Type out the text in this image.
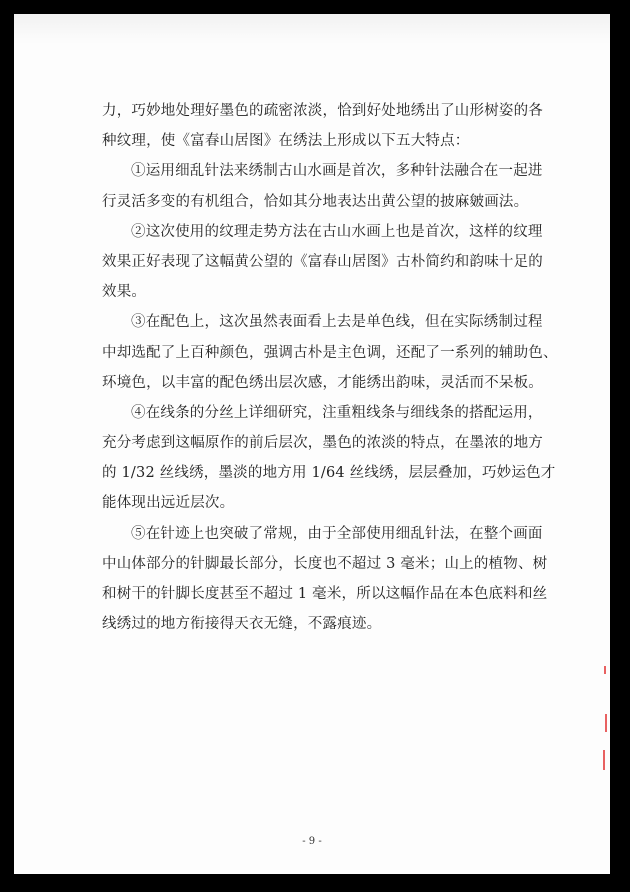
力，巧妙地处理好墨色的疏密浓淡，恰到好处地绣出了山形树姿的各
种纹理，使《富春山居图》在绣法上形成以下五大特点：
①运用细乱针法来绣制古山水画是首次，多种针法融合在一起进
行灵活多变的有机组合，恰如其分地表达出黄公望的披麻皴画法。
②这次使用的纹理走势方法在古山水画上也是首次，这样的纹理
效果正好表现了这幅黄公望的《富春山居图》古朴简约和韵味十足的
效果。
③在配色上，这次虽然表面看上去是单色线，但在实际绣制过程
中却选配了上百种颜色，强调古朴是主色调，还配了一系列的辅助色、
环境色，以丰富的配色绣出层次感，才能绣出韵味，灵活而不呆板。
④在线条的分丝上详细研究，注重粗线条与细线条的搭配运用，
充分考虑到这幅原作的前后层次，墨色的浓淡的特点，在墨浓的地方
的 1/32 丝线绣，墨淡的地方用 1/64 丝线绣，层层叠加，巧妙运色才
能体现出远近层次。
⑤在针迹上也突破了常规，由于全部使用细乱针法，在整个画面
中山体部分的针脚最长部分，长度也不超过 3 毫米；山上的植物、树
和树干的针脚长度甚至不超过 1 毫米，所以这幅作品在本色底料和丝
线绣过的地方衔接得天衣无缝，不露痕迹。
- 9 -
